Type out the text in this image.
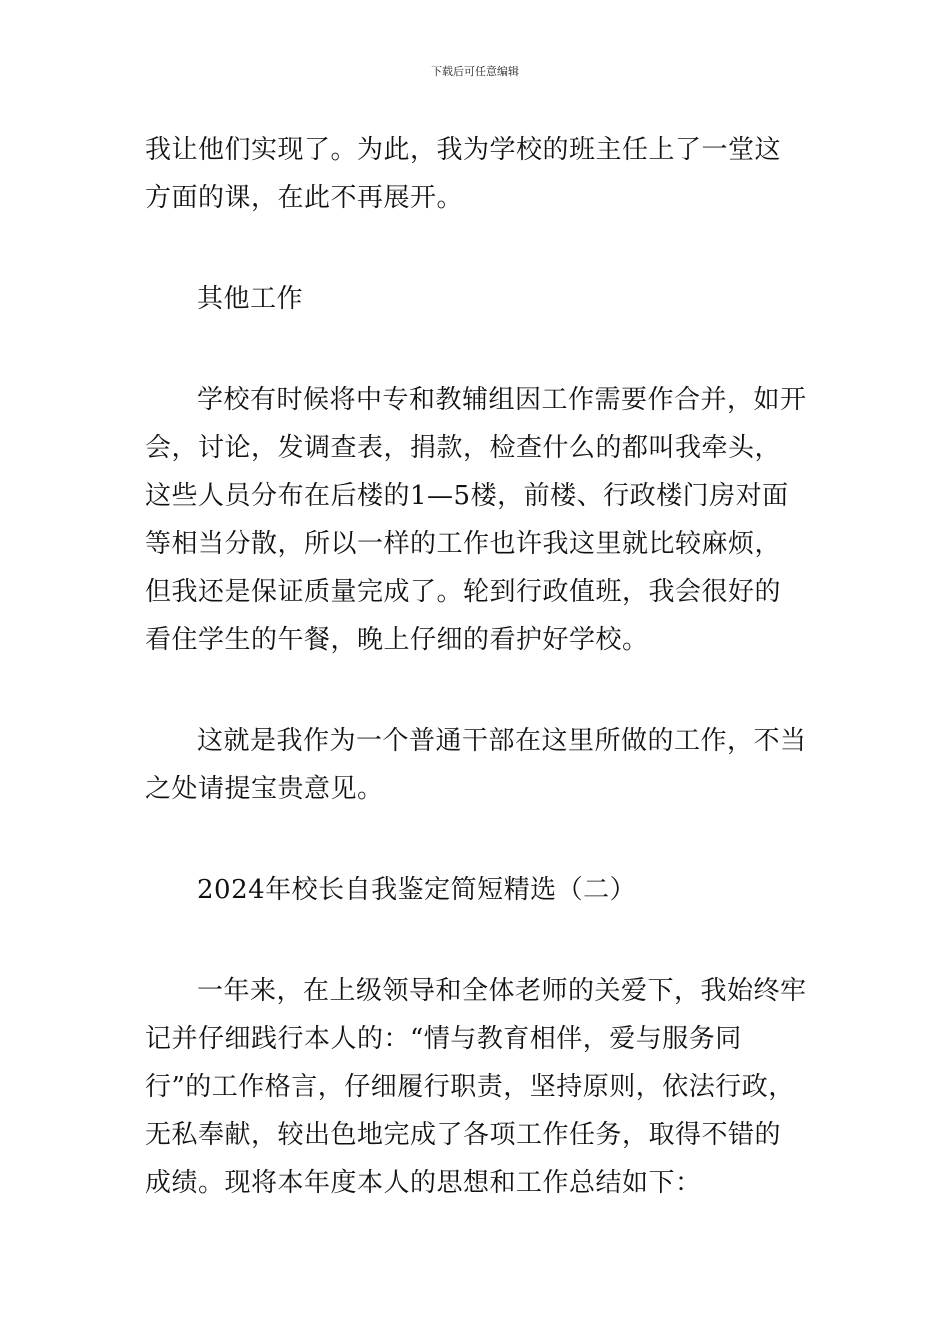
下载后可任意编辑

我让他们实现了。为此，我为学校的班主任上了一堂这方面的课，在此不再展开。

其他工作

学校有时候将中专和教辅组因工作需要作合并，如开会，讨论，发调查表，捐款，检查什么的都叫我牵头，这些人员分布在后楼的1—5楼，前楼、行政楼门房对面等相当分散，所以一样的工作也许我这里就比较麻烦，但我还是保证质量完成了。轮到行政值班，我会很好的看住学生的午餐，晚上仔细的看护好学校。

这就是我作为一个普通干部在这里所做的工作，不当之处请提宝贵意见。

2024年校长自我鉴定简短精选（二）

一年来，在上级领导和全体老师的关爱下，我始终牢记并仔细践行本人的：“情与教育相伴，爱与服务同行”的工作格言，仔细履行职责，坚持原则，依法行政，无私奉献，较出色地完成了各项工作任务，取得不错的成绩。现将本年度本人的思想和工作总结如下：
